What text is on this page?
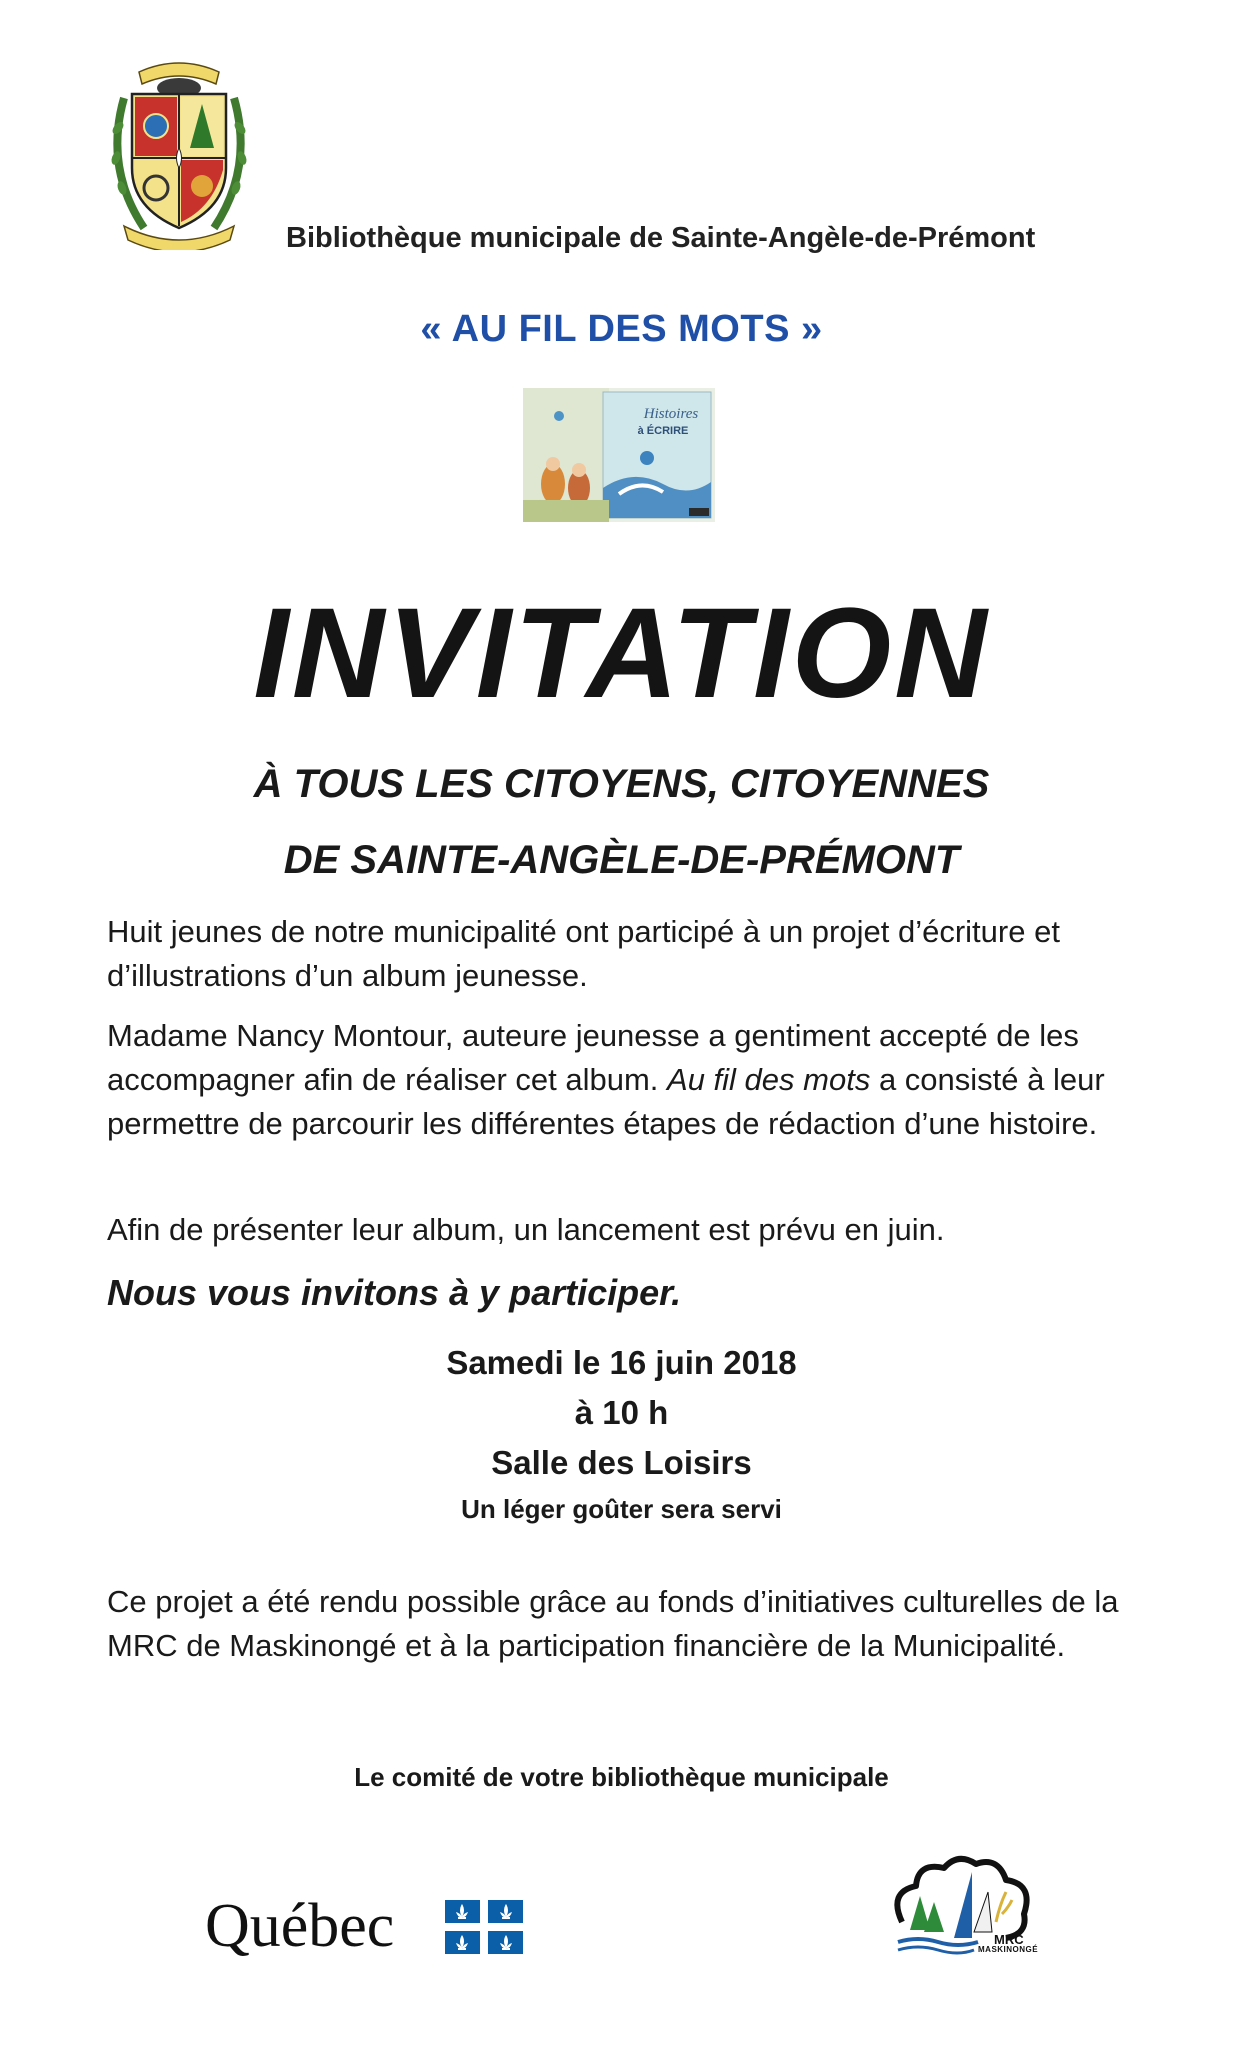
Bibliothèque municipale de Sainte-Angèle-de-Prémont
« AU FIL DES MOTS »
Histoires
à ÉCRIRE
INVITATION
À TOUS LES CITOYENS, CITOYENNES
DE SAINTE-ANGÈLE-DE-PRÉMONT
Huit jeunes de notre municipalité ont participé à un projet d’écriture et d’illustrations d’un album jeunesse.
Madame Nancy Montour, auteure jeunesse a gentiment accepté de les accompagner afin de réaliser cet album. Au fil des mots a consisté à leur permettre de parcourir les différentes étapes de rédaction d’une histoire.
Afin de présenter leur album, un lancement est prévu en juin.
Nous vous invitons à y participer.
Samedi le 16 juin 2018
à 10 h
Salle des Loisirs
Un léger goûter sera servi
Ce projet a été rendu possible grâce au fonds d’initiatives culturelles de la MRC de Maskinongé et à la participation financière de la Municipalité.
Le comité de votre bibliothèque municipale
Québec	MRC
MASKINONGÉ
